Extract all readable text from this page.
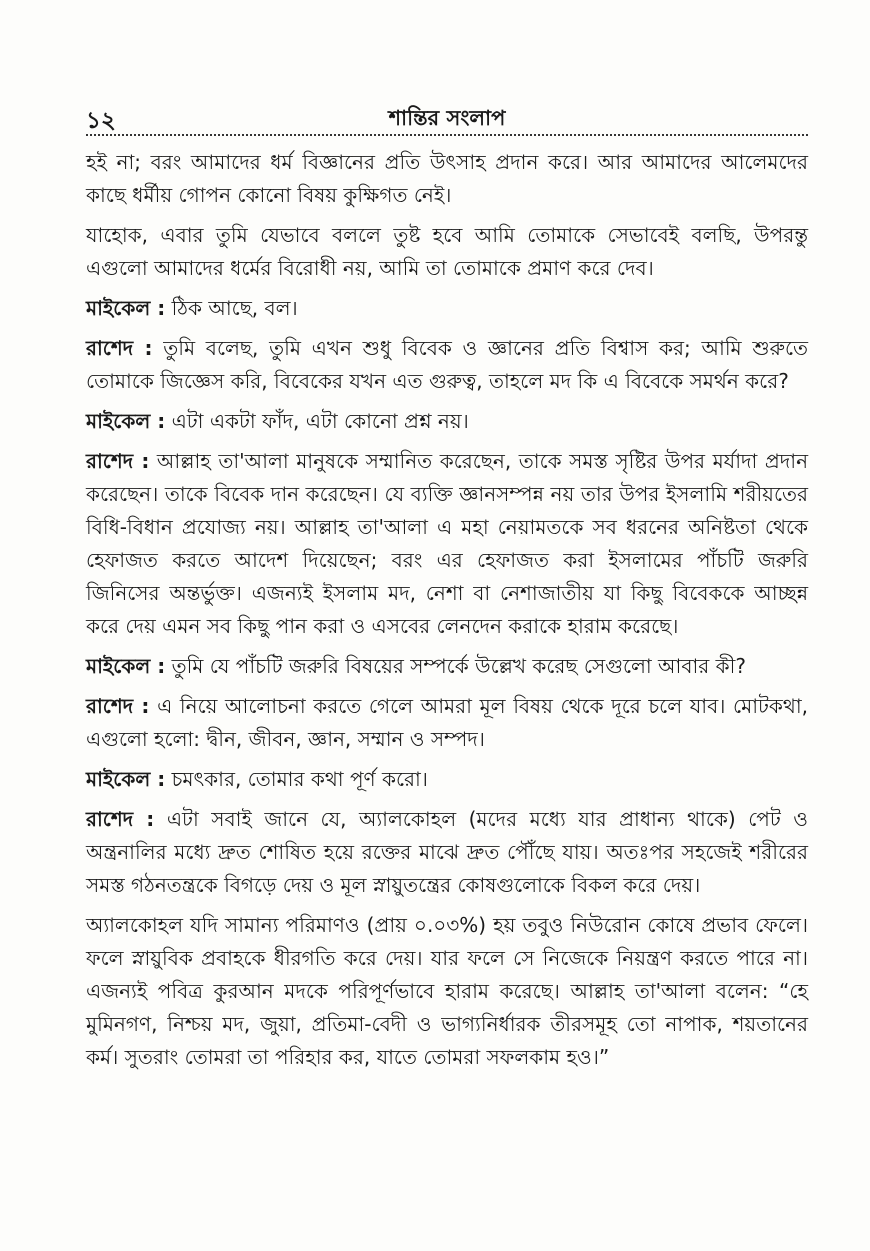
১২	শান্তির সংলাপ

হই না; বরং আমাদের ধর্ম বিজ্ঞানের প্রতি উৎসাহ প্রদান করে। আর আমাদের আলেমদের কাছে ধর্মীয় গোপন কোনো বিষয় কুক্ষিগত নেই।

যাহোক, এবার তুমি যেভাবে বললে তুষ্ট হবে আমি তোমাকে সেভাবেই বলছি, উপরন্তু এগুলো আমাদের ধর্মের বিরোধী নয়, আমি তা তোমাকে প্রমাণ করে দেব।

মাইকেল : ঠিক আছে, বল।

রাশেদ : তুমি বলেছ, তুমি এখন শুধু বিবেক ও জ্ঞানের প্রতি বিশ্বাস কর; আমি শুরুতে তোমাকে জিজ্ঞেস করি, বিবেকের যখন এত গুরুত্ব, তাহলে মদ কি এ বিবেকে সমর্থন করে?

মাইকেল : এটা একটা ফাঁদ, এটা কোনো প্রশ্ন নয়।

রাশেদ : আল্লাহ তা'আলা মানুষকে সম্মানিত করেছেন, তাকে সমস্ত সৃষ্টির উপর মর্যাদা প্রদান করেছেন। তাকে বিবেক দান করেছেন। যে ব্যক্তি জ্ঞানসম্পন্ন নয় তার উপর ইসলামি শরীয়তের বিধি-বিধান প্রযোজ্য নয়। আল্লাহ তা'আলা এ মহা নেয়ামতকে সব ধরনের অনিষ্টতা থেকে হেফাজত করতে আদেশ দিয়েছেন; বরং এর হেফাজত করা ইসলামের পাঁচটি জরুরি জিনিসের অন্তর্ভুক্ত। এজন্যই ইসলাম মদ, নেশা বা নেশাজাতীয় যা কিছু বিবেককে আচ্ছন্ন করে দেয় এমন সব কিছু পান করা ও এসবের লেনদেন করাকে হারাম করেছে।

মাইকেল : তুমি যে পাঁচটি জরুরি বিষয়ের সম্পর্কে উল্লেখ করেছ সেগুলো আবার কী?

রাশেদ : এ নিয়ে আলোচনা করতে গেলে আমরা মূল বিষয় থেকে দূরে চলে যাব। মোটকথা, এগুলো হলো: দ্বীন, জীবন, জ্ঞান, সম্মান ও সম্পদ।

মাইকেল : চমৎকার, তোমার কথা পূর্ণ করো।

রাশেদ : এটা সবাই জানে যে, অ্যালকোহল (মদের মধ্যে যার প্রাধান্য থাকে) পেট ও অন্ত্রনালির মধ্যে দ্রুত শোষিত হয়ে রক্তের মাঝে দ্রুত পৌঁছে যায়। অতঃপর সহজেই শরীরের সমস্ত গঠনতন্ত্রকে বিগড়ে দেয় ও মূল স্নায়ুতন্ত্রের কোষগুলোকে বিকল করে দেয়।

অ্যালকোহল যদি সামান্য পরিমাণও (প্রায় ০.০৩%) হয় তবুও নিউরোন কোষে প্রভাব ফেলে। ফলে স্নায়ুবিক প্রবাহকে ধীরগতি করে দেয়। যার ফলে সে নিজেকে নিয়ন্ত্রণ করতে পারে না। এজন্যই পবিত্র কুরআন মদকে পরিপূর্ণভাবে হারাম করেছে। আল্লাহ তা'আলা বলেন: “হে মুমিনগণ, নিশ্চয় মদ, জুয়া, প্রতিমা-বেদী ও ভাগ্যনির্ধারক তীরসমূহ তো নাপাক, শয়তানের কর্ম। সুতরাং তোমরা তা পরিহার কর, যাতে তোমরা সফলকাম হও।”
